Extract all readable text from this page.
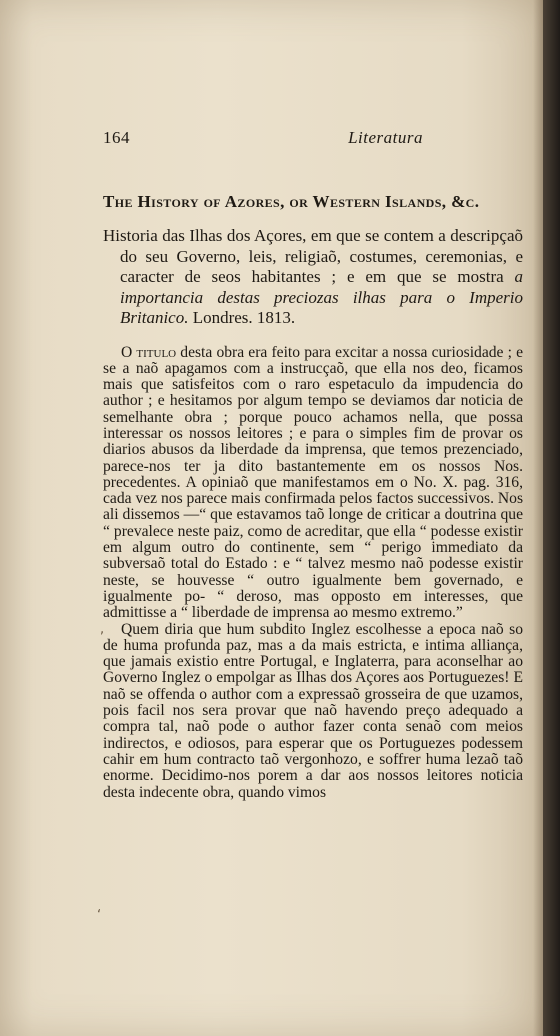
164	Literatura
The History of Azores, or Western Islands, &c.
Historia das Ilhas dos Açores, em que se contem a descripçaõ do seu Governo, leis, religiaõ, costumes, ceremonias, e caracter de seos habitantes ; e em que se mostra a importancia destas preciozas ilhas para o Imperio Britanico. Londres. 1813.
O titulo desta obra era feito para excitar a nossa curiosidade ; e se a naõ apagamos com a instrucçaõ, que ella nos deo, ficamos mais que satisfeitos com o raro espetaculo da impudencia do author ; e hesitamos por algum tempo se deviamos dar noticia de semelhante obra ; porque pouco achamos nella, que possa interessar os nossos leitores ; e para o simples fim de provar os diarios abusos da liberdade da imprensa, que temos prezenciado, parece-nos ter ja dito bastantemente em os nossos Nos. precedentes. A opiniaõ que manifestamos em o No. X. pag. 316, cada vez nos parece mais confirmada pelos factos successivos. Nos ali dissemos —“ que estavamos taõ longe de criticar a doutrina que “ prevalece neste paiz, como de acreditar, que ella “ podesse existir em algum outro do continente, sem “ perigo immediato da subversaõ total do Estado : e “ talvez mesmo naõ podesse existir neste, se houvesse “ outro igualmente bem governado, e igualmente po- “ deroso, mas opposto em interesses, que admittisse a “ liberdade de imprensa ao mesmo extremo.”
Quem diria que hum subdito Inglez escolhesse a epoca naõ so de huma profunda paz, mas a da mais estricta, e intima alliança, que jamais existio entre Portugal, e Inglaterra, para aconselhar ao Governo Inglez o empolgar as Ilhas dos Açores aos Portuguezes! E naõ se offenda o author com a expressaõ grosseira de que uzamos, pois facil nos sera provar que naõ havendo preço adequado a compra tal, naõ pode o author fazer conta senaõ com meios indirectos, e odiosos, para esperar que os Portuguezes podessem cahir em hum contracto taõ vergonhozo, e soffrer huma lezaõ taõ enorme. Decidimo-nos porem a dar aos nossos leitores noticia desta indecente obra, quando vimos
,
‘
